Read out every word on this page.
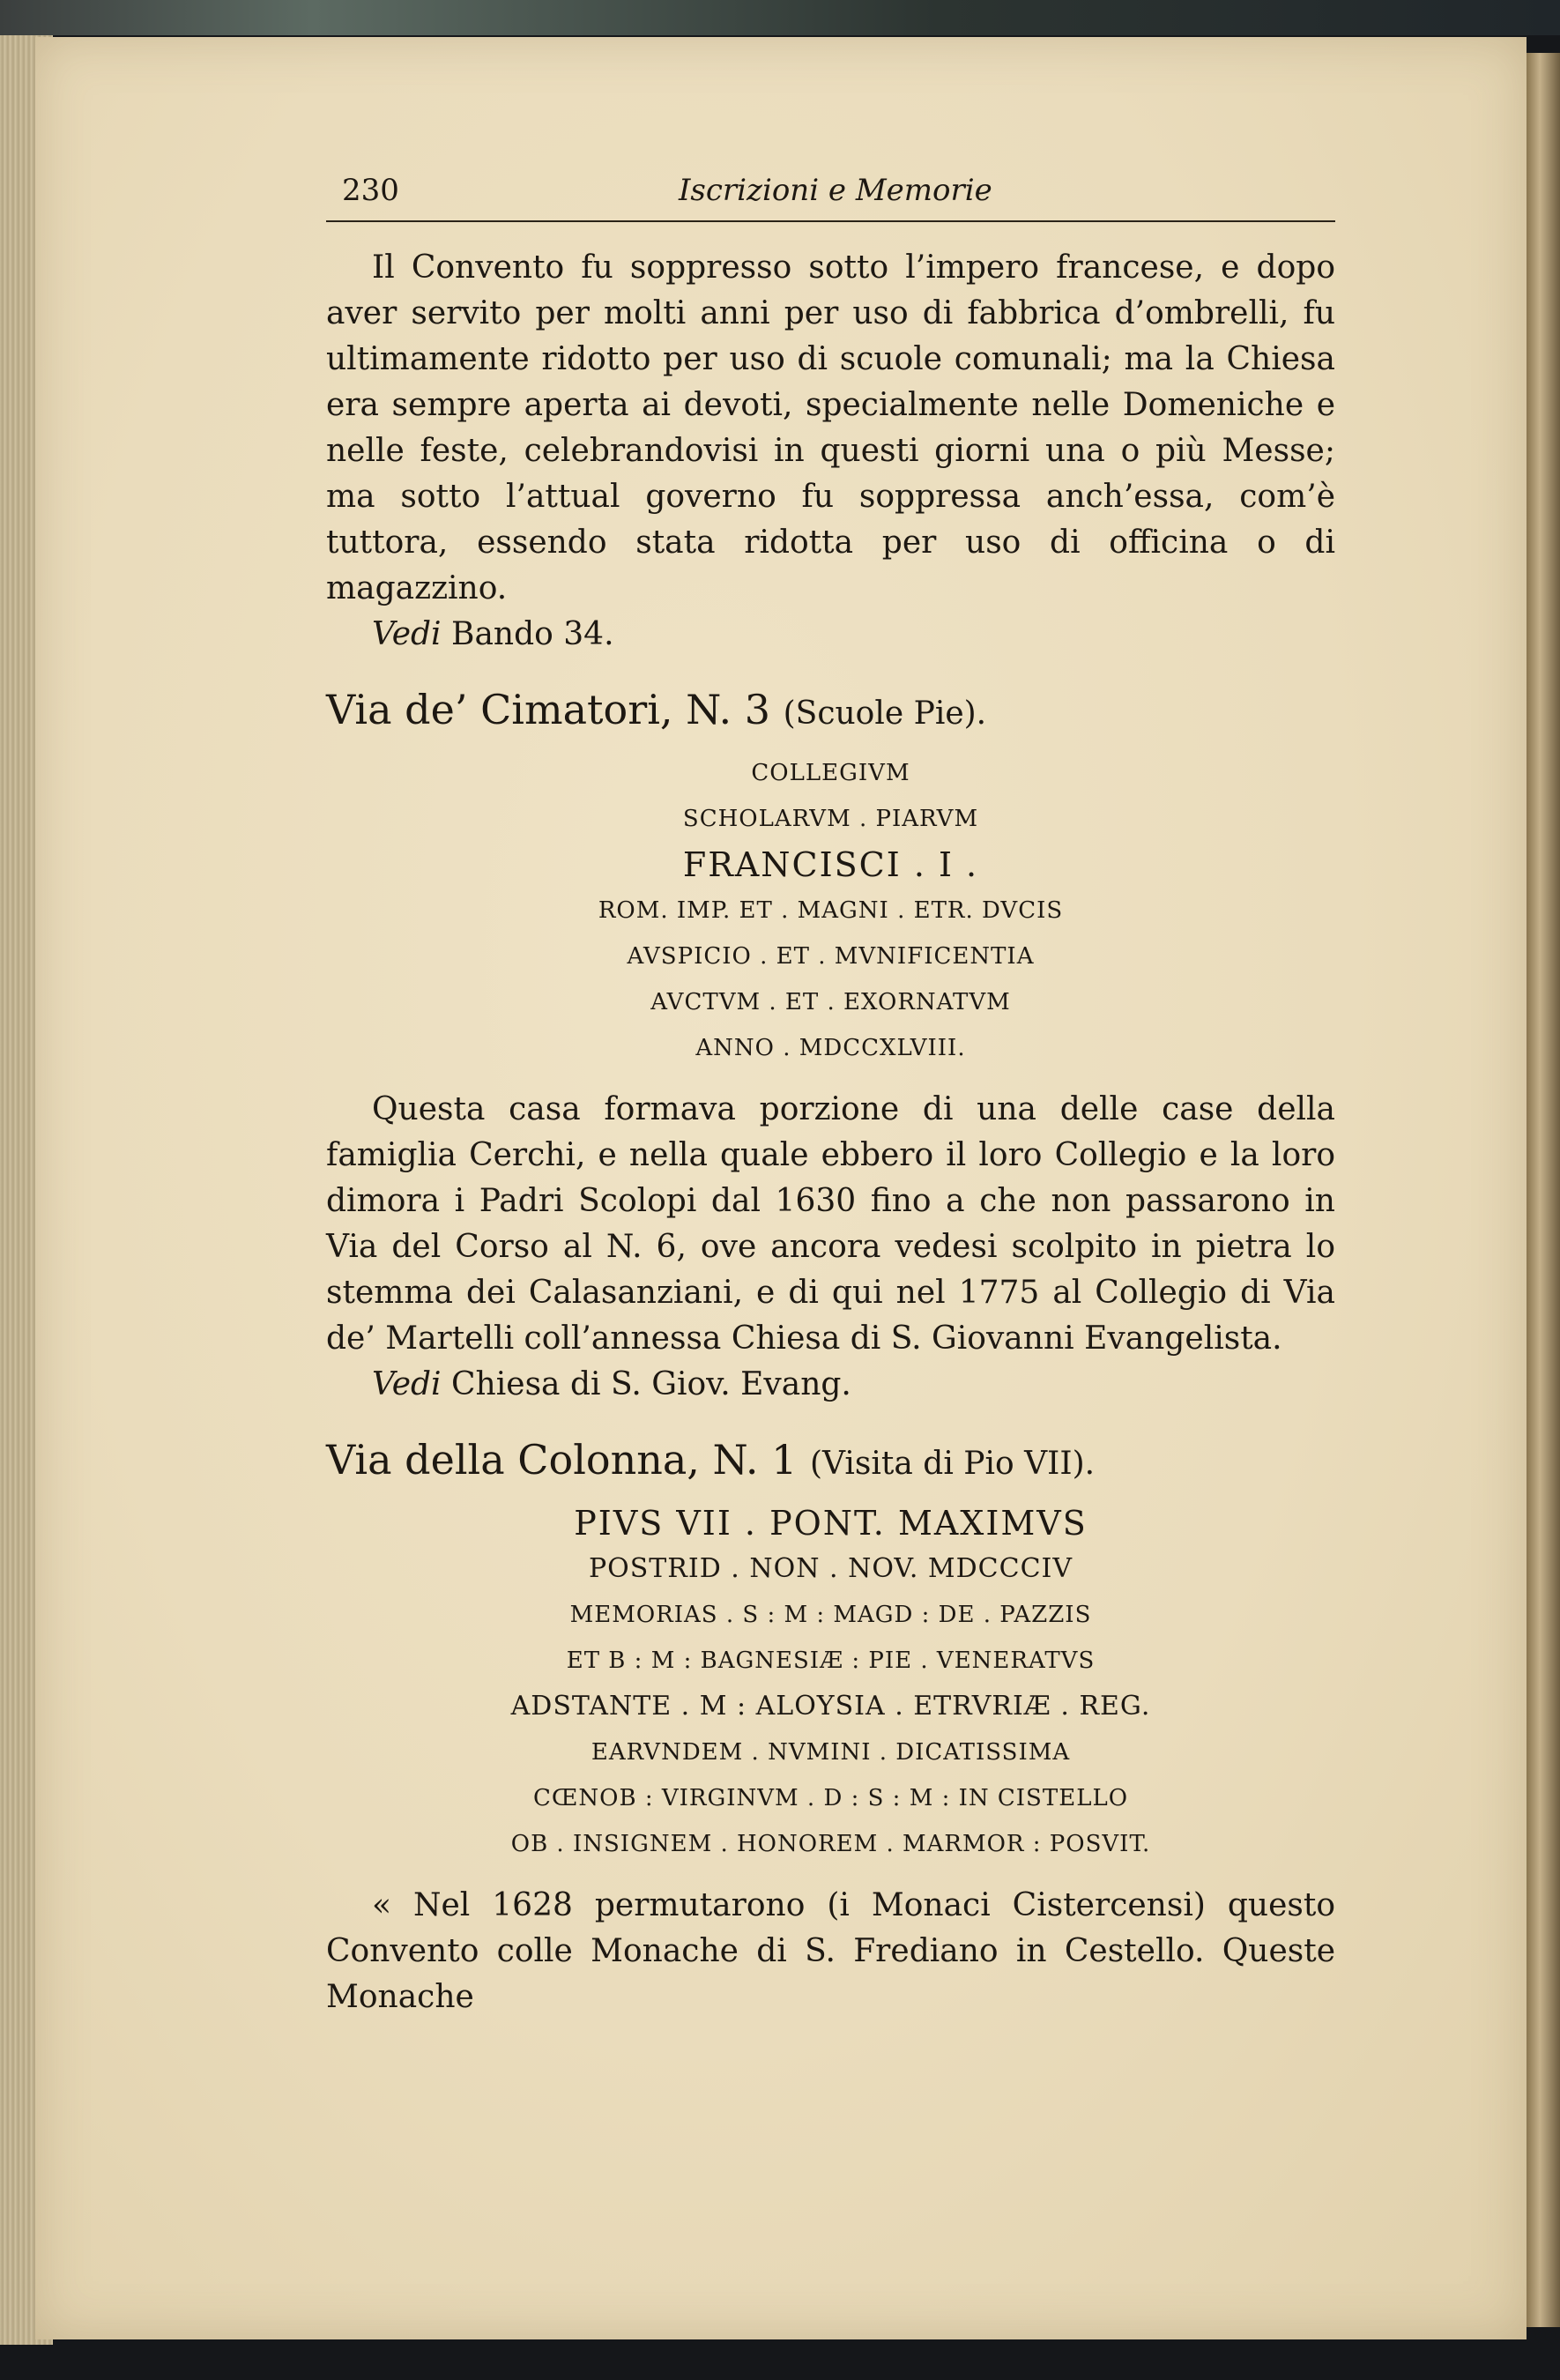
230	Iscrizioni e Memorie

Il Convento fu soppresso sotto l’impero francese, e dopo aver servito per molti anni per uso di fabbrica d’ombrelli, fu ultimamente ridotto per uso di scuole comunali; ma la Chiesa era sempre aperta ai devoti, specialmente nelle Domeniche e nelle feste, celebrandovisi in questi giorni una o più Messe; ma sotto l’attual governo fu soppressa anch’essa, com’è tuttora, essendo stata ridotta per uso di officina o di magazzino.

Vedi Bando 34.

Via de’ Cimatori, N. 3 (Scuole Pie).

COLLEGIVM

SCHOLARVM . PIARVM

FRANCISCI . I .

ROM. IMP. ET . MAGNI . ETR. DVCIS

AVSPICIO . ET . MVNIFICENTIA

AVCTVM . ET . EXORNATVM

ANNO . MDCCXLVIII.

Questa casa formava porzione di una delle case della famiglia Cerchi, e nella quale ebbero il loro Collegio e la loro dimora i Padri Scolopi dal 1630 fino a che non passarono in Via del Corso al N. 6, ove ancora vedesi scolpito in pietra lo stemma dei Calasanziani, e di qui nel 1775 al Collegio di Via de’ Martelli coll’annessa Chiesa di S. Giovanni Evangelista.

Vedi Chiesa di S. Giov. Evang.

Via della Colonna, N. 1 (Visita di Pio VII).

PIVS VII . PONT. MAXIMVS

POSTRID . NON . NOV. MDCCCIV

MEMORIAS . S : M : MAGD : DE . PAZZIS

ET B : M : BAGNESIÆ : PIE . VENERATVS

ADSTANTE . M : ALOYSIA . ETRVRIÆ . REG.

EARVNDEM . NVMINI . DICATISSIMA

CŒNOB : VIRGINVM . D : S : M : IN CISTELLO

OB . INSIGNEM . HONOREM . MARMOR : POSVIT.

« Nel 1628 permutarono (i Monaci Cistercensi) questo Convento colle Monache di S. Frediano in Cestello. Queste Monache
